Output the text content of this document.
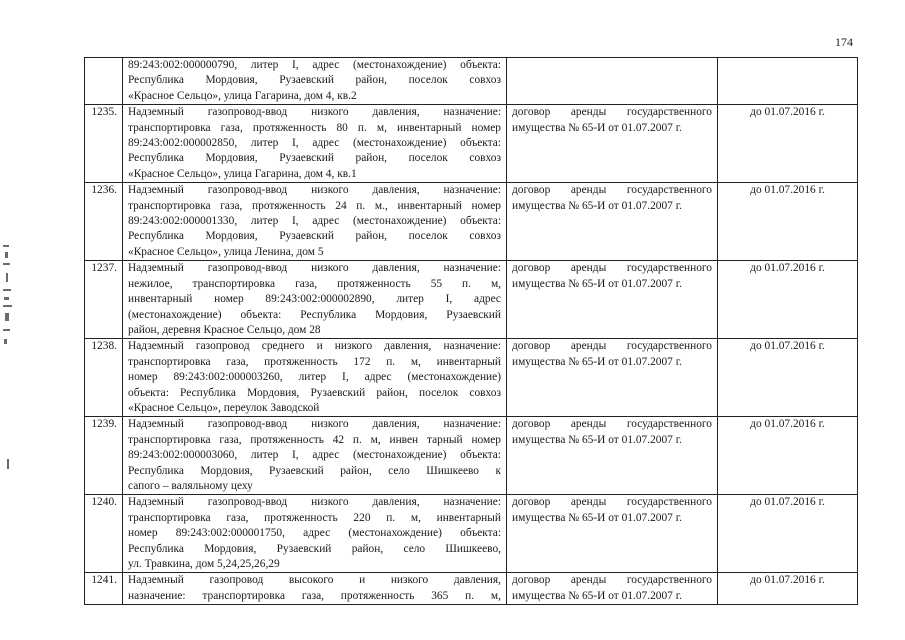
174

	89:243:002:000000790, литер I, адрес (местонахождение) объекта:
Республика Мордовия, Рузаевский район, поселок совхоз
«Красное Сельцо», улица Гагарина, дом 4, кв.2		

1235.	Надземный газопровод-ввод низкого давления, назначение:
транспортировка газа, протяженность 80 п. м, инвентарный номер
89:243:002:000002850, литер I, адрес (местонахождение) объекта:
Республика Мордовия, Рузаевский район, поселок совхоз
«Красное Сельцо», улица Гагарина, дом 4, кв.1	договор аренды государственного
имущества № 65-И от 01.07.2007 г.	до 01.07.2016 г.
1236.	Надземный газопровод-ввод низкого давления, назначение:
транспортировка газа, протяженность 24 п. м., инвентарный номер
89:243:002:000001330, литер I, адрес (местонахождение) объекта:
Республика Мордовия, Рузаевский район, поселок совхоз
«Красное Сельцо», улица Ленина, дом 5	договор аренды государственного
имущества № 65-И от 01.07.2007 г.	до 01.07.2016 г.
1237.	Надземный газопровод-ввод низкого давления, назначение:
нежилое, транспортировка газа, протяженность 55 п. м,
инвентарный номер 89:243:002:000002890, литер I, адрес
(местонахождение) объекта: Республика Мордовия, Рузаевский
район, деревня Красное Сельцо, дом 28	договор аренды государственного
имущества № 65-И от 01.07.2007 г.	до 01.07.2016 г.
1238.	Надземный газопровод среднего и низкого давления, назначение:
транспортировка газа, протяженность 172 п. м, инвентарный
номер 89:243:002:000003260, литер I, адрес (местонахождение)
объекта: Республика Мордовия, Рузаевский район, поселок совхоз
«Красное Сельцо», переулок Заводской	договор аренды государственного
имущества № 65-И от 01.07.2007 г.	до 01.07.2016 г.
1239.	Надземный газопровод-ввод низкого давления, назначение:
транспортировка газа, протяженность 42 п. м, инвен тарный номер
89:243:002:000003060, литер I, адрес (местонахождение) объекта:
Республика Мордовия, Рузаевский район, село Шишкеево к
сапого – валяльному цеху	договор аренды государственного
имущества № 65-И от 01.07.2007 г.	до 01.07.2016 г.
1240.	Надземный газопровод-ввод низкого давления, назначение:
транспортировка газа, протяженность 220 п. м, инвентарный
номер 89:243:002:000001750, адрес (местонахождение) объекта:
Республика Мордовия, Рузаевский район, село Шишкеево,
ул. Травкина, дом 5,24,25,26,29	договор аренды государственного
имущества № 65-И от 01.07.2007 г.	до 01.07.2016 г.
1241.	Надземный газопровод высокого и низкого давления,
назначение: транспортировка газа, протяженность 365 п. м,	договор аренды государственного
имущества № 65-И от 01.07.2007 г.	до 01.07.2016 г.
